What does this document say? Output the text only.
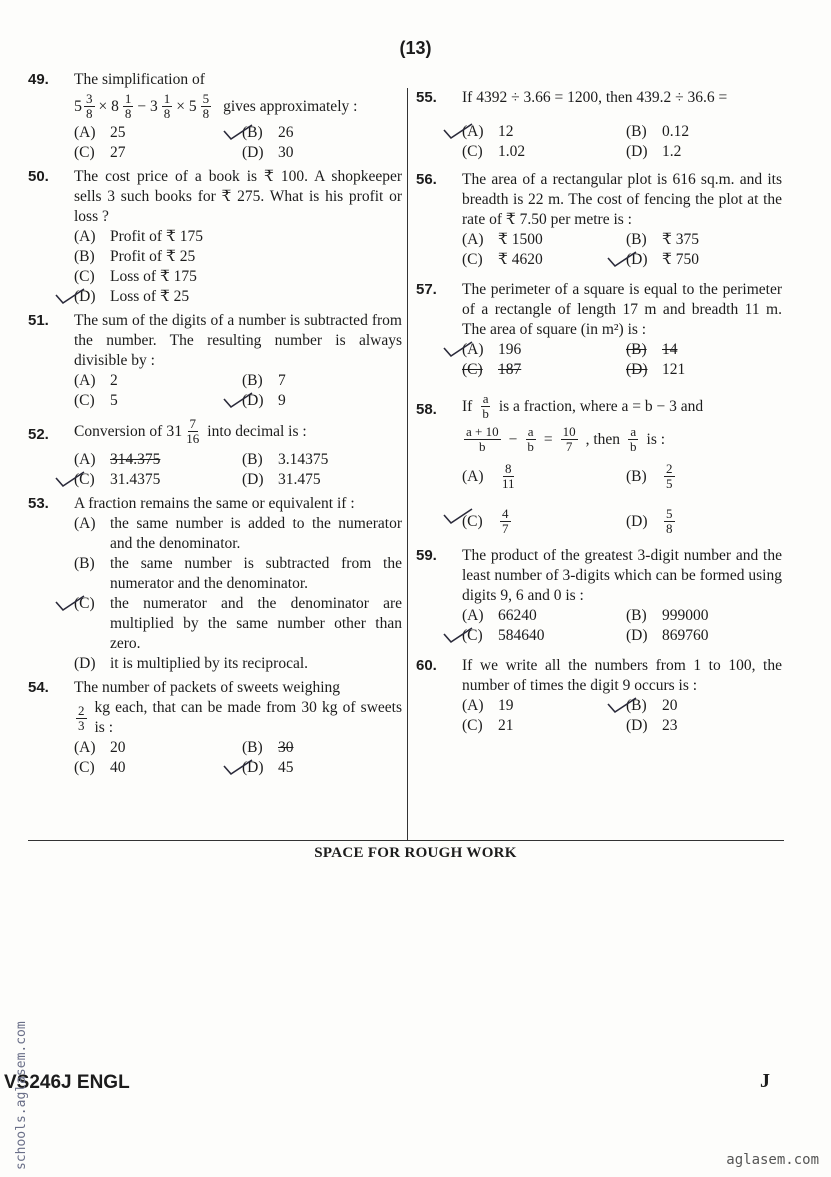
(13)
49. The simplification of
$5 \frac{3}{8} \times 8 \frac{1}{8} - 3 \frac{1}{8} \times 5 \frac{5}{8}$ gives approximately :
(A) 25	(B) 26
(C) 27	(D) 30
50. The cost price of a book is ₹ 100. A shopkeeper sells 3 such books for ₹ 275. What is his profit or loss ?
(A) Profit of ₹ 175
(B) Profit of ₹ 25
(C) Loss of ₹ 175
(D) Loss of ₹ 25
51. The sum of the digits of a number is subtracted from the number. The resulting number is always divisible by :
(A) 2	(B) 7
(C) 5	(D) 9
52. Conversion of $31 \frac{7}{16}$ into decimal is :
(A) 314.375	(B) 3.14375
(C) 31.4375	(D) 31.475
53. A fraction remains the same or equivalent if :
(A) the same number is added to the numerator and the denominator.
(B) the same number is subtracted from the numerator and the denominator.
(C) the numerator and the denominator are multiplied by the same number other than zero.
(D) it is multiplied by its reciprocal.
54. The number of packets of sweets weighing
$\frac{2}{3}$ kg each, that can be made from 30 kg of sweets is :
(A) 20	(B) 30
(C) 40	(D) 45
55. If 4392 ÷ 3.66 = 1200, then 439.2 ÷ 36.6 =
(A) 12	(B) 0.12
(C) 1.02	(D) 1.2
56. The area of a rectangular plot is 616 sq.m. and its breadth is 22 m. The cost of fencing the plot at the rate of ₹ 7.50 per metre is :
(A) ₹ 1500	(B) ₹ 375
(C) ₹ 4620	(D) ₹ 750
57. The perimeter of a square is equal to the perimeter of a rectangle of length 17 m and breadth 11 m. The area of square (in m²) is :
(A) 196	(B) 14
(C) 187	(D) 121
58. If $\frac{a}{b}$ is a fraction, where a = b − 3 and
$\frac{a + 10}{b} - \frac{a}{b} = \frac{10}{7}$ , then $\frac{a}{b}$ is :
(A)	$\frac{8}{11}$	(B)	$\frac{2}{5}$
(C)	$\frac{4}{7}$	(D)	$\frac{5}{8}$
59. The product of the greatest 3-digit number and the least number of 3-digits which can be formed using digits 9, 6 and 0 is :
(A) 66240	(B) 999000
(C) 584640	(D) 869760
60. If we write all the numbers from 1 to 100, the number of times the digit 9 occurs is :
(A) 19	(B) 20
(C) 21	(D) 23
SPACE FOR ROUGH WORK
VS246J ENGL	J
schools.aglasem.com	aglasem.com
